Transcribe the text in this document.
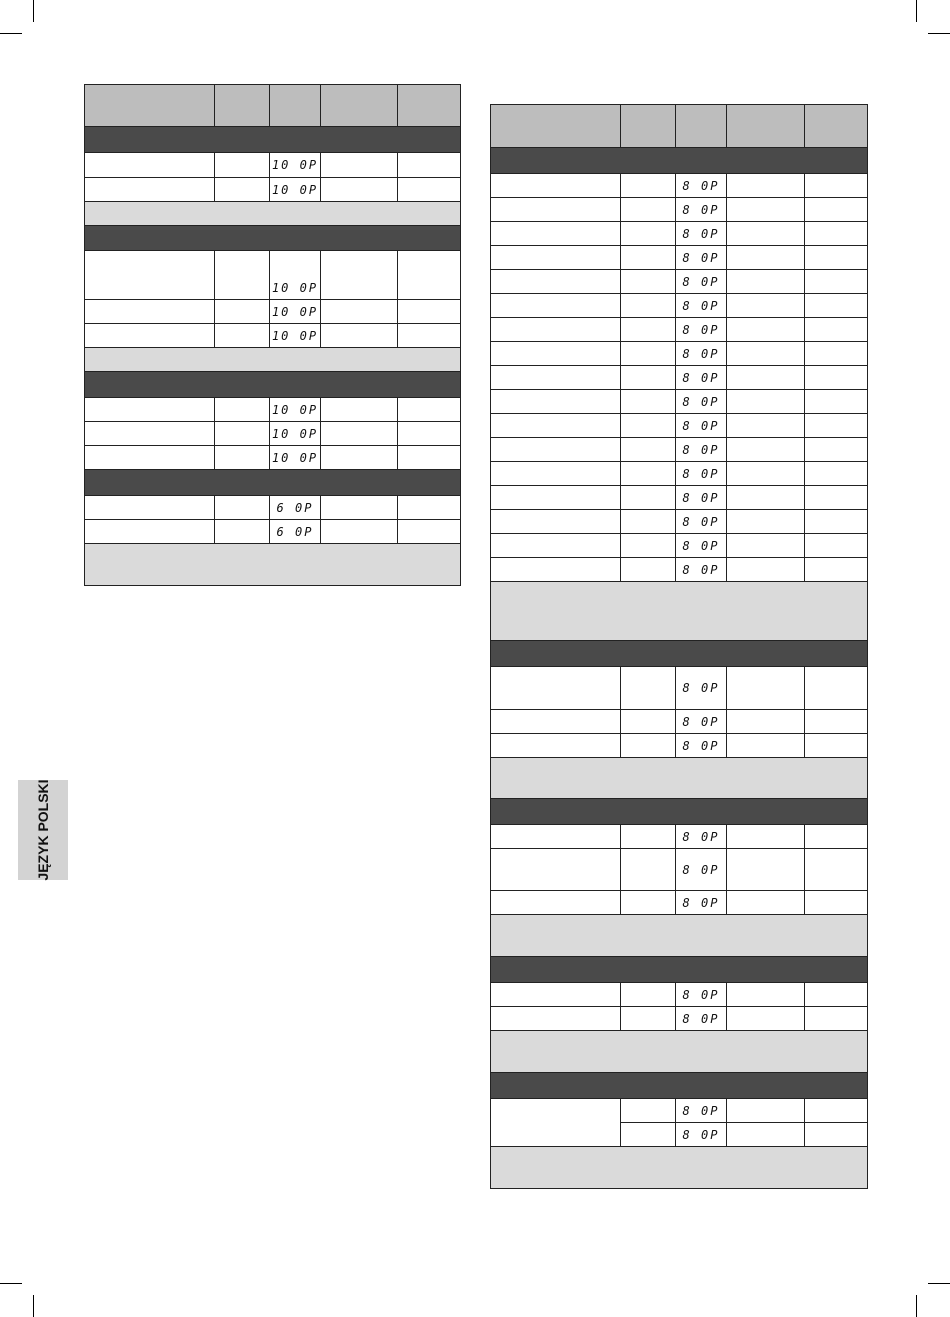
JĘZYK POLSKI

		10 0P		
		10 0P		

		10 0P		
		10 0P		
		10 0P		

		10 0P		
		10 0P		
		10 0P		

		6 0P		
		6 0P		

		8 0P		
		8 0P		
		8 0P		
		8 0P		
		8 0P		
		8 0P		
		8 0P		
		8 0P		
		8 0P		
		8 0P		
		8 0P		
		8 0P		
		8 0P		
		8 0P		
		8 0P		
		8 0P		
		8 0P		

		8 0P		
		8 0P		
		8 0P		

		8 0P		
		8 0P		
		8 0P		

		8 0P		
		8 0P		

		8 0P		
		8 0P		
